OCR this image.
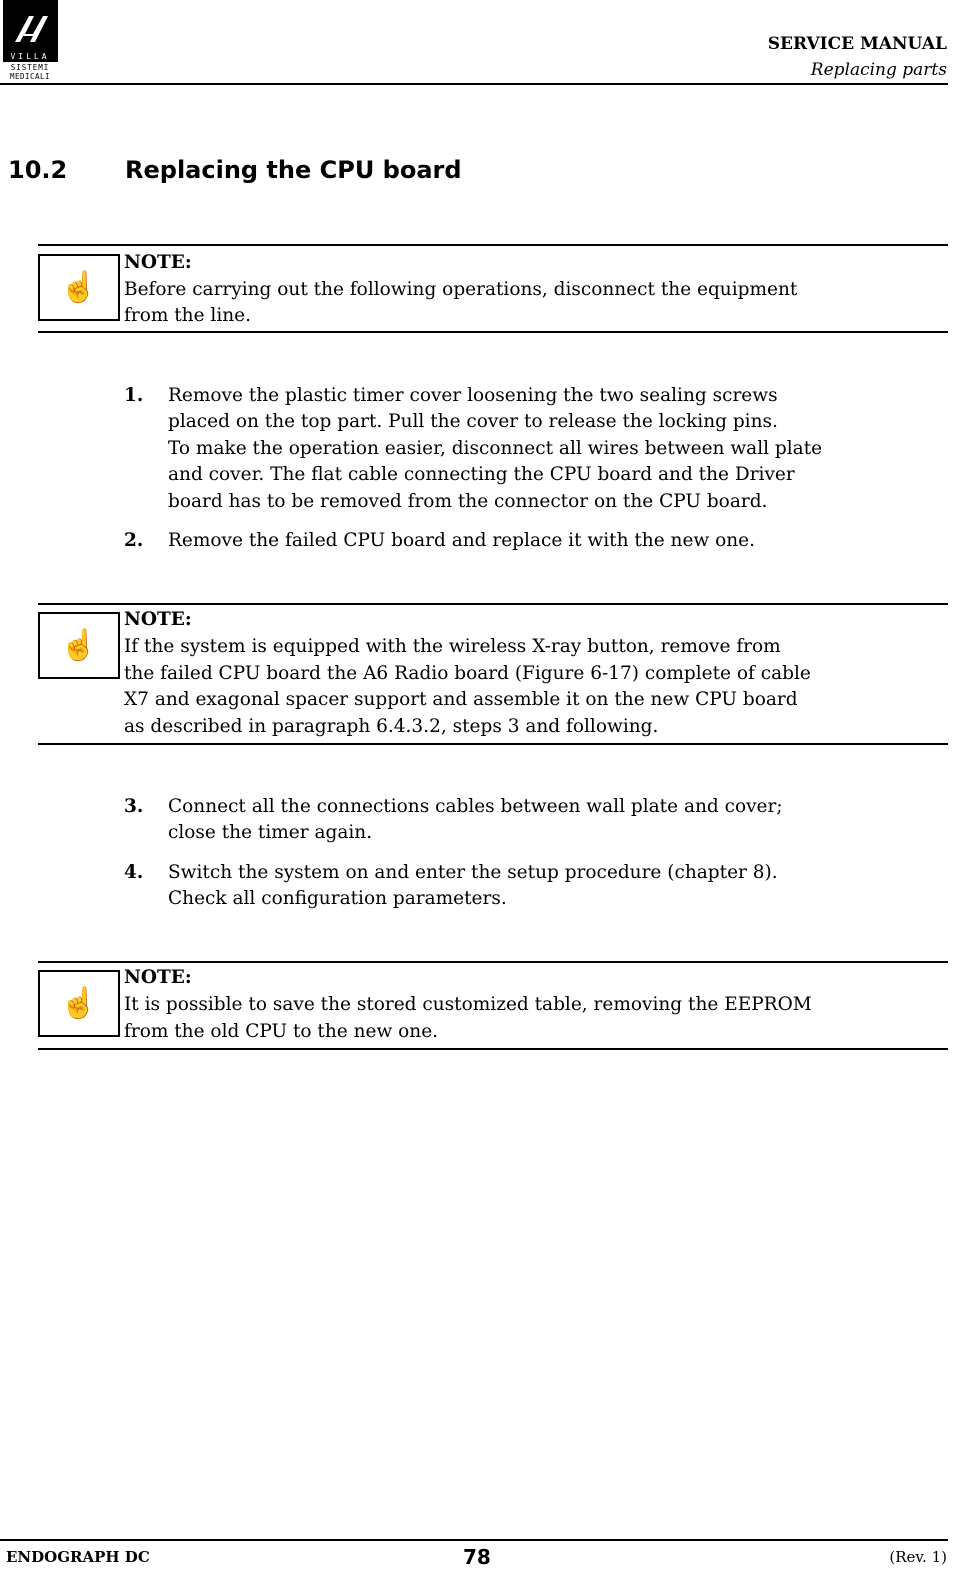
VILLA
SISTEMI
MEDICALI
SERVICE MANUAL
Replacing parts
10.2 Replacing the CPU board
☝
NOTE:
Before carrying out the following operations, disconnect the equipment
from the line.
1. Remove the plastic timer cover loosening the two sealing screws
placed on the top part. Pull the cover to release the locking pins.
To make the operation easier, disconnect all wires between wall plate
and cover. The flat cable connecting the CPU board and the Driver
board has to be removed from the connector on the CPU board.
2. Remove the failed CPU board and replace it with the new one.
☝
NOTE:
If the system is equipped with the wireless X-ray button, remove from
the failed CPU board the A6 Radio board (Figure 6-17) complete of cable
X7 and exagonal spacer support and assemble it on the new CPU board
as described in paragraph 6.4.3.2, steps 3 and following.
3. Connect all the connections cables between wall plate and cover;
close the timer again.
4. Switch the system on and enter the setup procedure (chapter 8).
Check all configuration parameters.
☝
NOTE:
It is possible to save the stored customized table, removing the EEPROM
from the old CPU to the new one.
ENDOGRAPH DC	78	(Rev. 1)
